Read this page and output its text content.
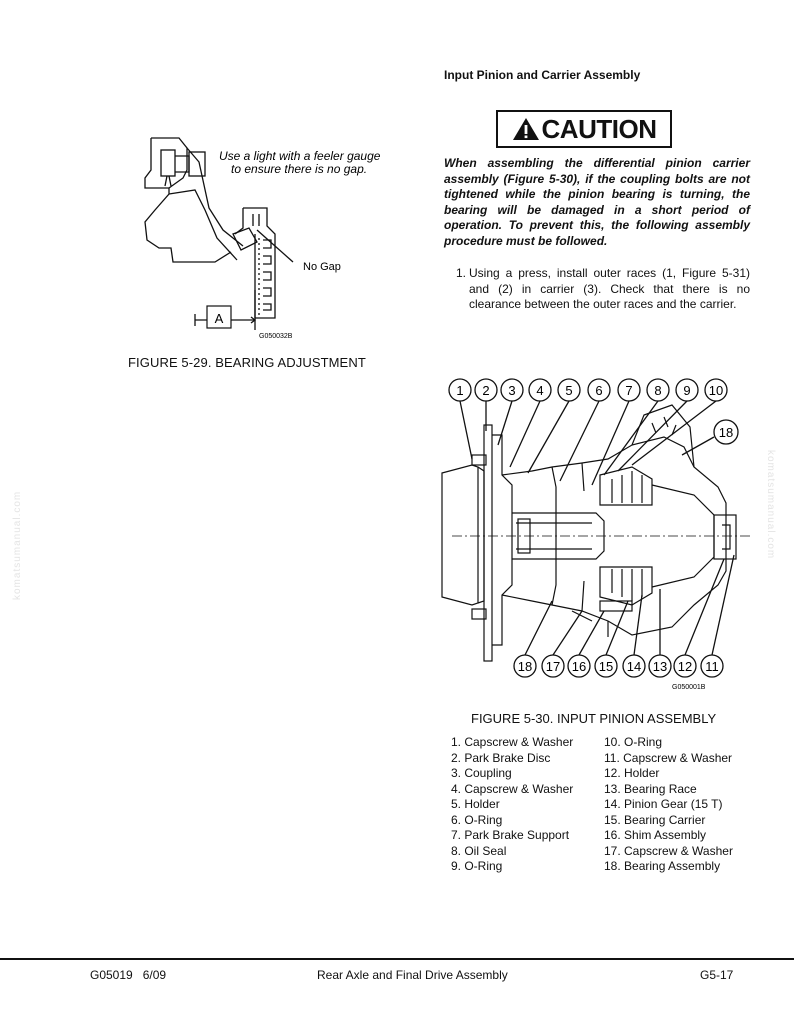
komatsumanual.com	komatsumanual.com
A
No Gap
Use a light with a feeler gauge
to ensure there is no gap.
G050032B
FIGURE 5-29. BEARING ADJUSTMENT
Input Pinion and Carrier Assembly
CAUTION
When assembling the differential pinion carrier assembly (Figure 5-30), if the coupling bolts are not tightened while the pinion bearing is turning, the bearing will be damaged in a short period of operation. To prevent this, the following assembly procedure must be followed.
1. Using a press, install outer races (1, Figure 5-31) and (2) in carrier (3). Check that there is no clearance between the outer races and the carrier.
1 2 3 4 5 6 7 8 9 10
18
18 17 16 15 14 13 12 11
G050001B
FIGURE 5-30. INPUT PINION ASSEMBLY
1. Capscrew & Washer
2. Park Brake Disc
3. Coupling
4. Capscrew & Washer
5. Holder
6. O-Ring
7. Park Brake Support
8. Oil Seal
9. O-Ring
10. O-Ring
11. Capscrew & Washer
12. Holder
13. Bearing Race
14. Pinion Gear (15 T)
15. Bearing Carrier
16. Shim Assembly
17. Capscrew & Washer
18. Bearing Assembly
G05019   6/09	Rear Axle and Final Drive Assembly	G5-17
